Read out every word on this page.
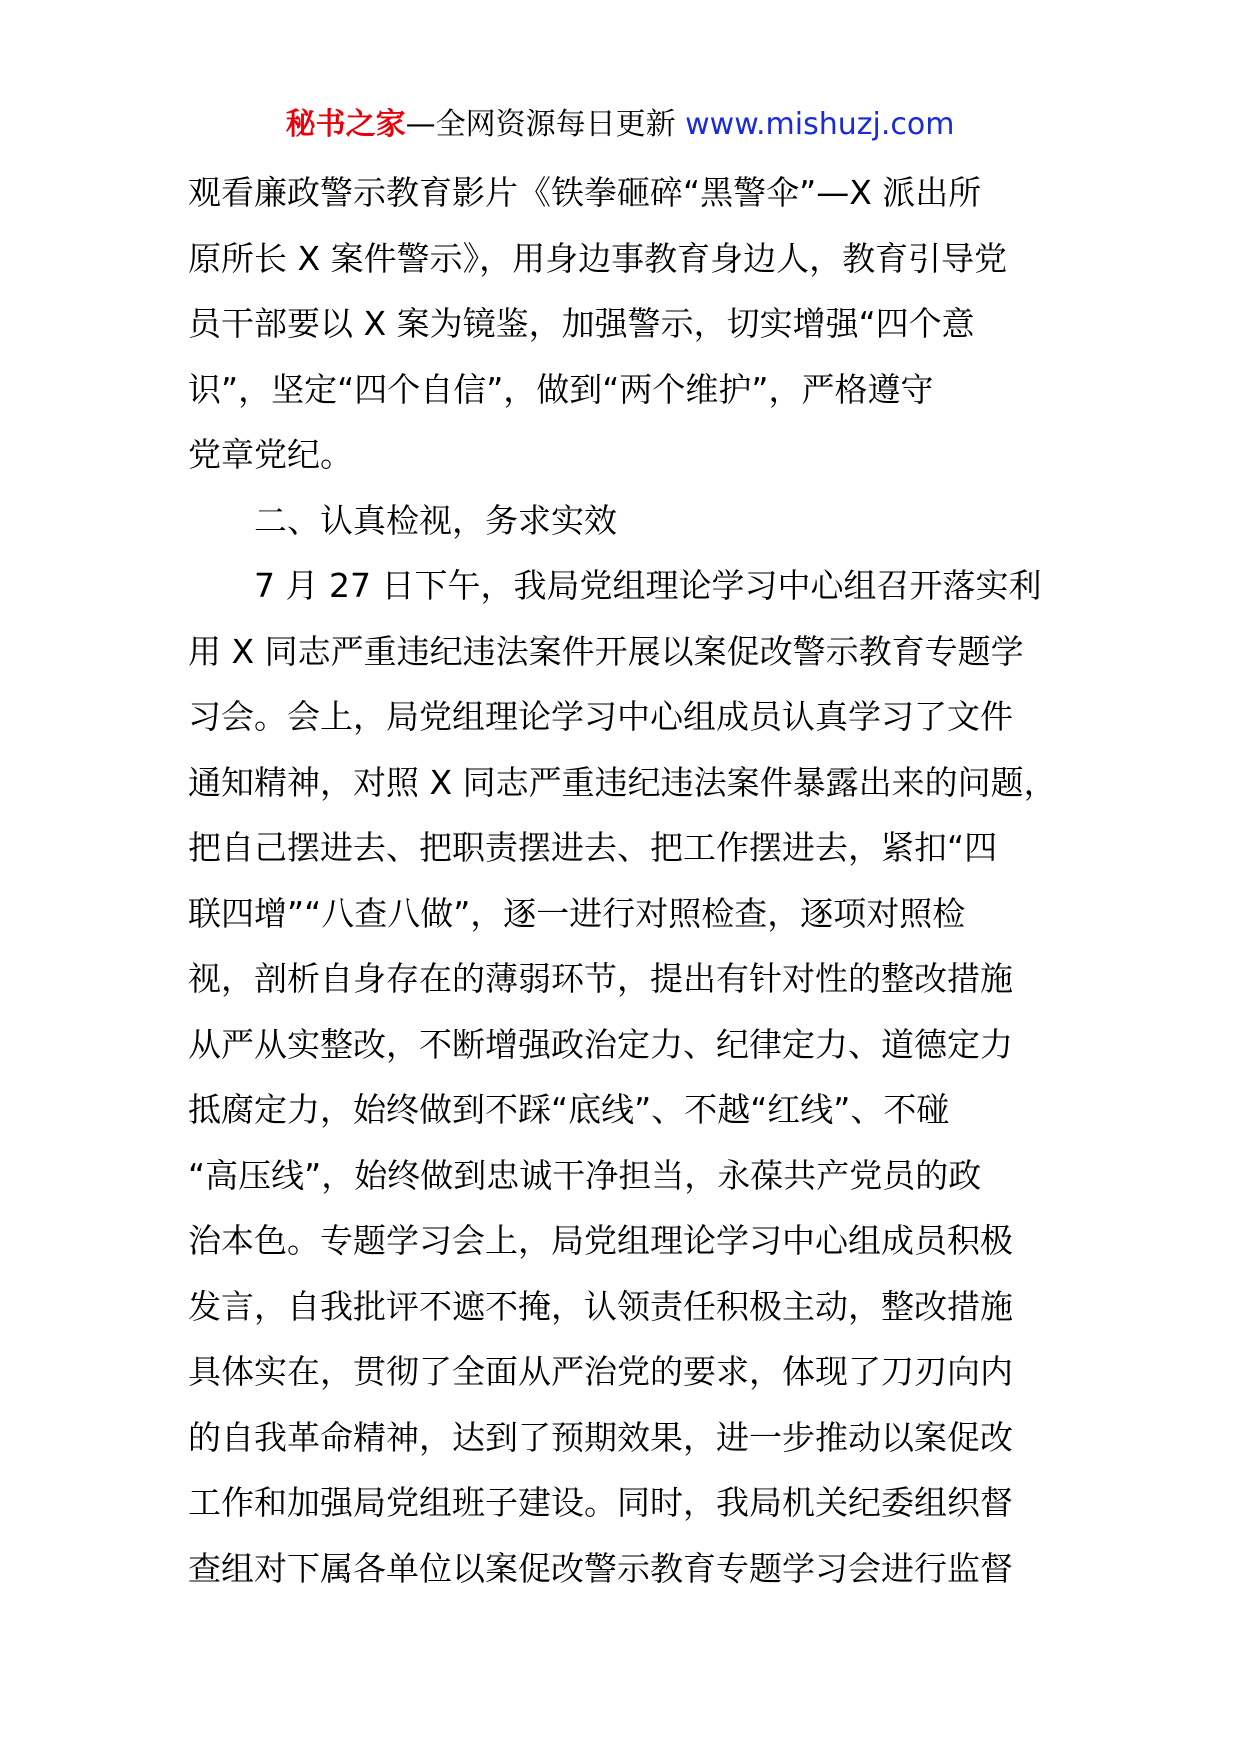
秘书之家—全网资源每日更新 www.mishuzj.com
观看廉政警示教育影片《铁拳砸碎“黑警伞”—X 派出所
原所长 X 案件警示》，用身边事教育身边人，教育引导党
员干部要以 X 案为镜鉴，加强警示，切实增强“四个意
识”，坚定“四个自信”，做到“两个维护”，严格遵守
党章党纪。
二、认真检视，务求实效
7 月 27 日下午，我局党组理论学习中心组召开落实利
用 X 同志严重违纪违法案件开展以案促改警示教育专题学
习会。会上，局党组理论学习中心组成员认真学习了文件
通知精神，对照 X 同志严重违纪违法案件暴露出来的问题，
把自己摆进去、把职责摆进去、把工作摆进去，紧扣“四
联四增”“八查八做”，逐一进行对照检查，逐项对照检
视，剖析自身存在的薄弱环节，提出有针对性的整改措施
从严从实整改，不断增强政治定力、纪律定力、道德定力
抵腐定力，始终做到不踩“底线”、不越“红线”、不碰
“高压线”，始终做到忠诚干净担当，永葆共产党员的政
治本色。专题学习会上，局党组理论学习中心组成员积极
发言，自我批评不遮不掩，认领责任积极主动，整改措施
具体实在，贯彻了全面从严治党的要求，体现了刀刃向内
的自我革命精神，达到了预期效果，进一步推动以案促改
工作和加强局党组班子建设。同时，我局机关纪委组织督
查组对下属各单位以案促改警示教育专题学习会进行监督
